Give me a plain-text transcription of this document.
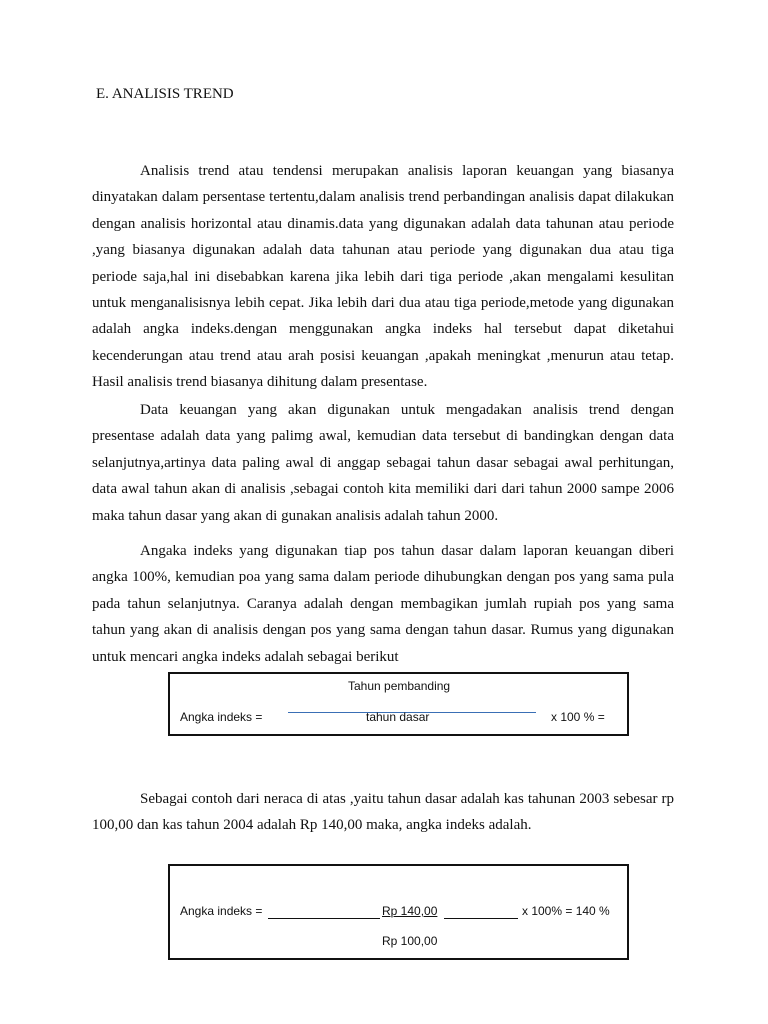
E. ANALISIS TREND

Analisis trend atau tendensi merupakan analisis laporan keuangan yang biasanya dinyatakan dalam persentase tertentu,dalam analisis trend perbandingan analisis dapat dilakukan dengan analisis horizontal atau dinamis.data yang digunakan adalah data tahunan atau periode ,yang biasanya digunakan adalah data tahunan atau periode yang digunakan dua atau tiga periode saja,hal ini disebabkan karena jika lebih dari tiga periode ,akan mengalami kesulitan untuk menganalisisnya lebih cepat. Jika lebih dari dua atau tiga periode,metode yang digunakan adalah angka indeks.dengan menggunakan angka indeks hal tersebut dapat diketahui kecenderungan atau trend atau arah posisi keuangan ,apakah meningkat ,menurun atau tetap. Hasil analisis trend biasanya dihitung dalam presentase.

Data keuangan yang akan digunakan untuk mengadakan analisis trend dengan presentase adalah data yang palimg awal, kemudian data tersebut di bandingkan dengan data selanjutnya,artinya data paling awal di anggap sebagai tahun dasar sebagai awal perhitungan, data awal tahun akan di analisis ,sebagai contoh kita memiliki dari dari tahun 2000 sampe 2006 maka tahun dasar yang akan di gunakan analisis adalah tahun 2000.

Angaka indeks yang digunakan tiap pos tahun dasar dalam laporan keuangan diberi angka 100%, kemudian poa yang sama dalam periode dihubungkan dengan pos yang sama pula pada tahun selanjutnya. Caranya adalah dengan membagikan jumlah rupiah pos yang sama tahun yang akan di analisis dengan pos yang sama dengan tahun dasar. Rumus yang digunakan untuk mencari angka indeks adalah sebagai berikut

Tahun pembanding
Angka indeks =	tahun dasar	x 100 % =

Sebagai contoh dari neraca di atas ,yaitu tahun dasar adalah kas tahunan 2003 sebesar rp 100,00 dan kas tahun 2004 adalah Rp 140,00 maka, angka indeks adalah.

Angka indeks =	Rp 140,00	x 100% = 140 %
Rp 100,00
